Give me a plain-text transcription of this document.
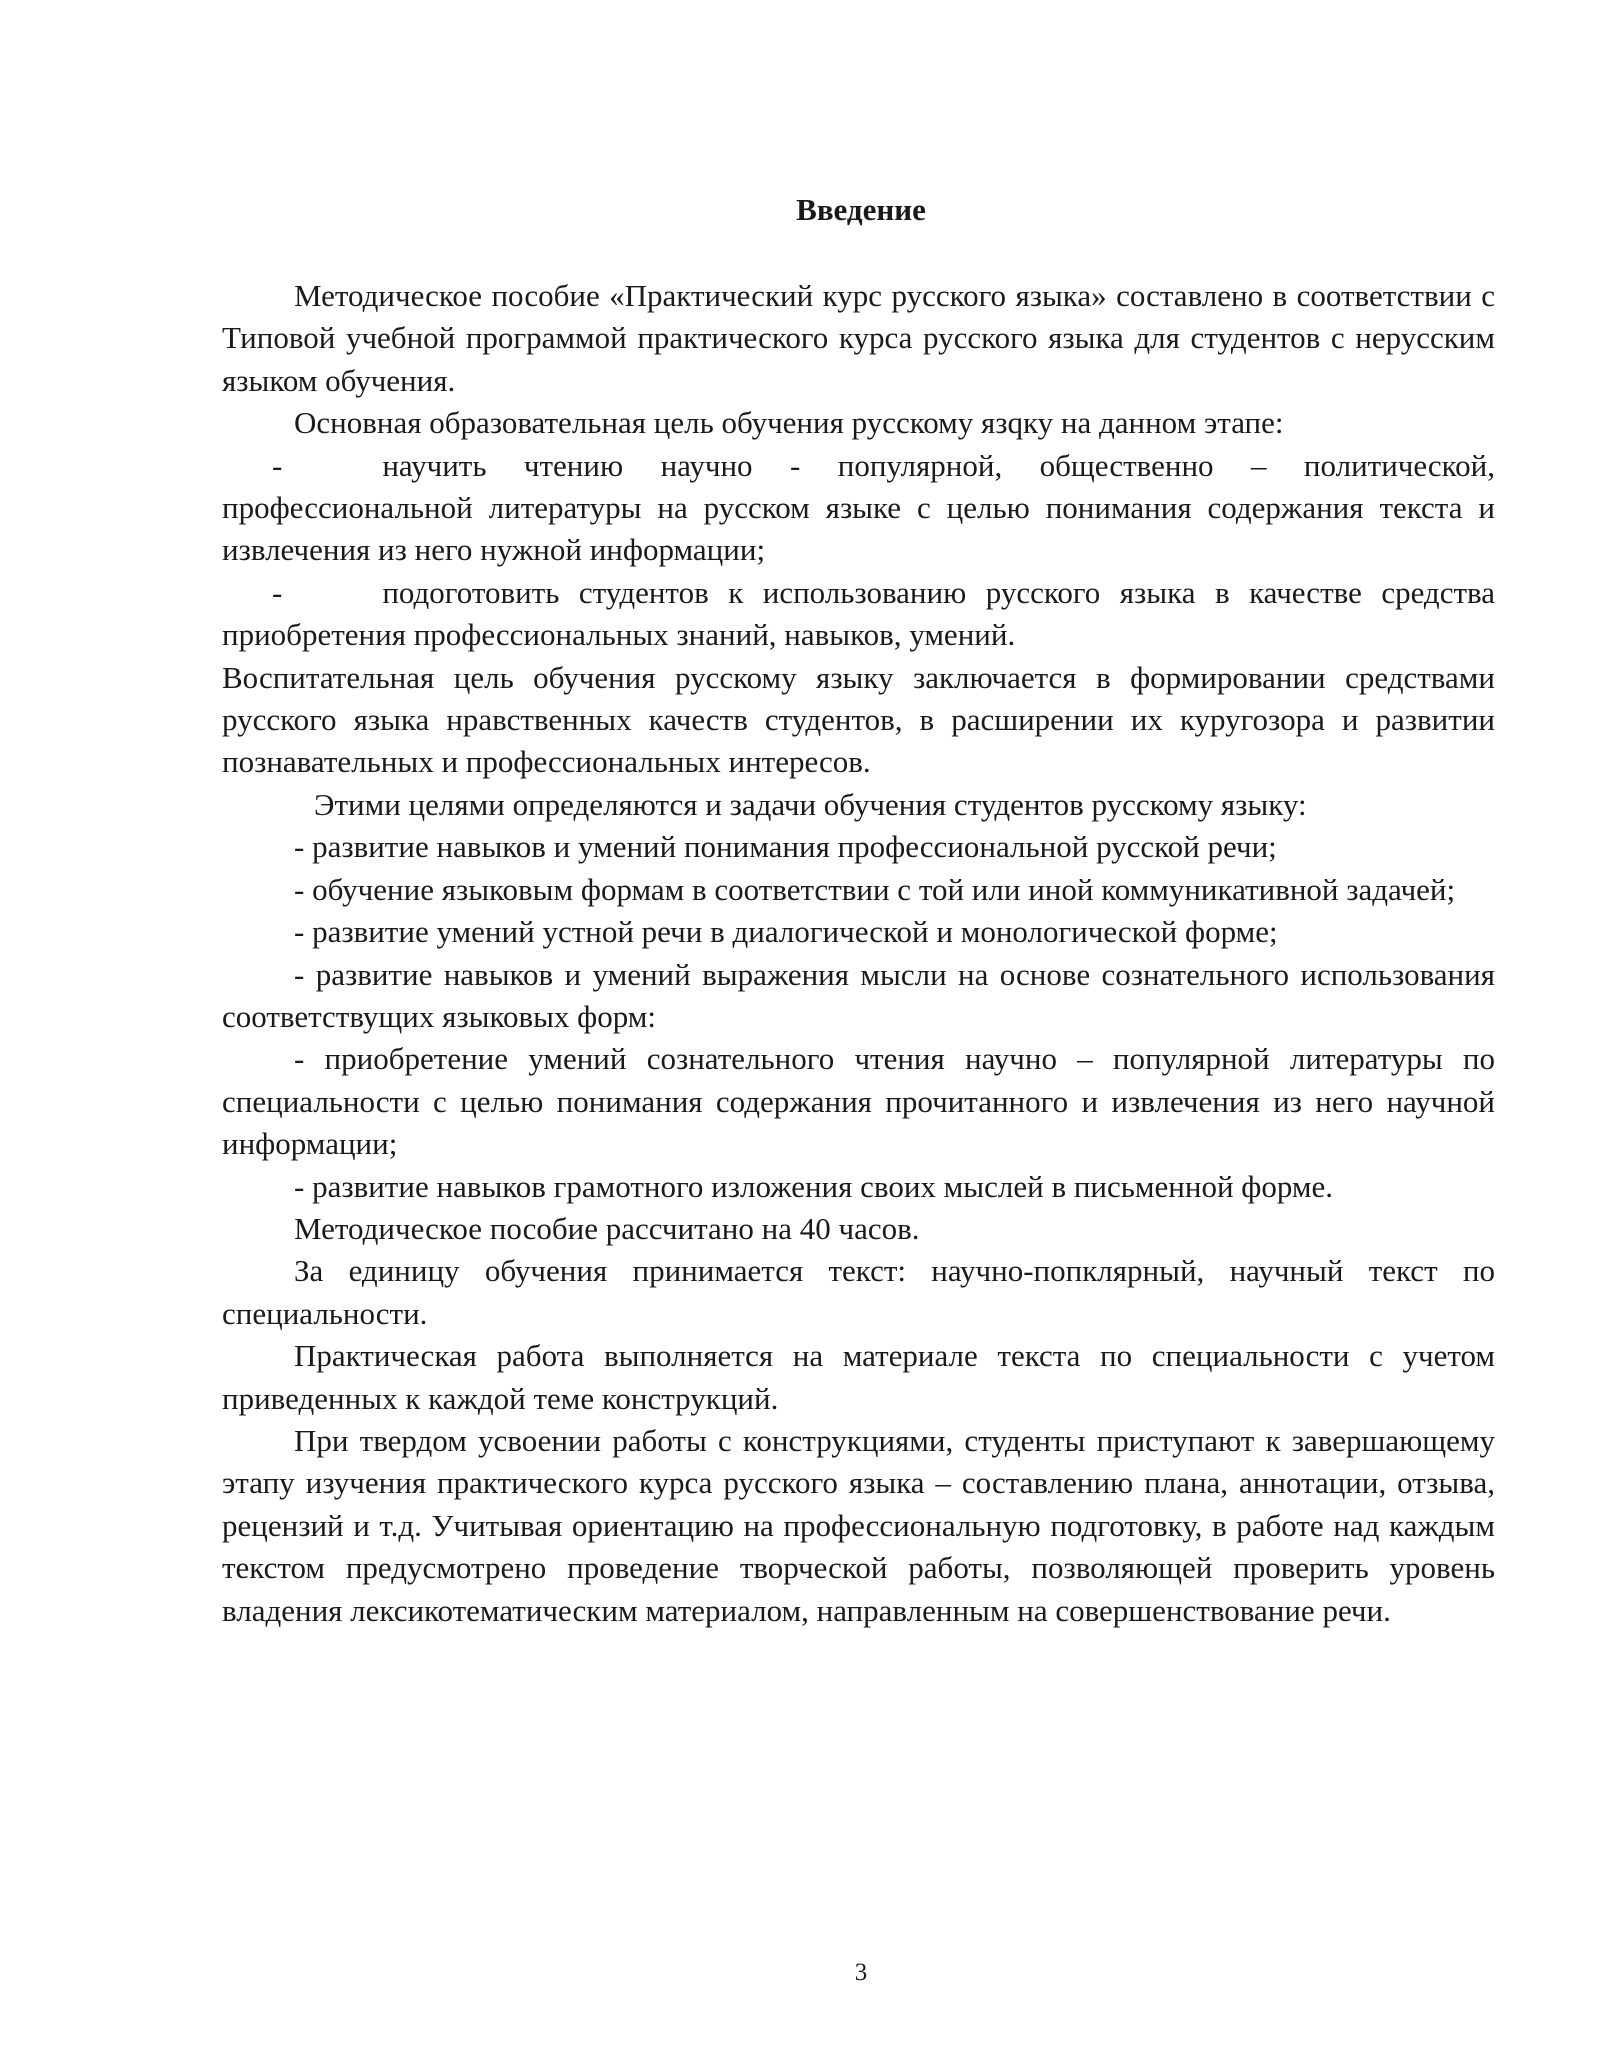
Введение

Методическое пособие «Практический курс русского языка» составлено в соответствии с Типовой учебной программой практического курса русского языка для студентов с нерусским языком обучения.

Основная образовательная цель обучения русскому язqку на данном этапе:

-	научить чтению научно - популярной, общественно – политической, профессиональной литературы на русском языке с целью понимания содержания текста и извлечения из него нужной информации;

-	подоготовить студентов к использованию русского языка в качестве средства приобретения профессиональных знаний, навыков, умений.

Воспитательная цель обучения русскому языку заключается в формировании средствами русского языка нравственных качеств студентов, в расширении их куругозора и развитии познавательных и профессиональных интересов.

Этими целями определяются и задачи обучения студентов русскому языку:

- развитие навыков и умений понимания профессиональной русской речи;

- обучение языковым формам в соответствии с той или иной коммуникативной задачей;

- развитие умений устной речи в диалогической и монологической форме;

- развитие навыков и умений выражения мысли на основе сознательного использования соответствущих языковых форм:

- приобретение умений сознательного чтения научно – популярной литературы по специальности с целью понимания содержания прочитанного и извлечения из него научной информации;

- развитие навыков грамотного изложения своих мыслей в письменной форме.

Методическое пособие рассчитано на 40 часов.

За единицу обучения принимается текст: научно-попклярный, научный текст по специальности.

Практическая работа выполняется на материале текста по специальности с учетом приведенных к каждой теме конструкций.

При твердом усвоении работы с конструкциями, студенты приступают к завершающему этапу изучения практического курса русского языка – составлению плана, аннотации, отзыва, рецензий и т.д. Учитывая ориентацию на профессиональную подготовку, в работе над каждым текстом предусмотрено проведение творческой работы, позволяющей проверить уровень владения лексикотематическим материалом, направленным на совершенствование речи.

3
